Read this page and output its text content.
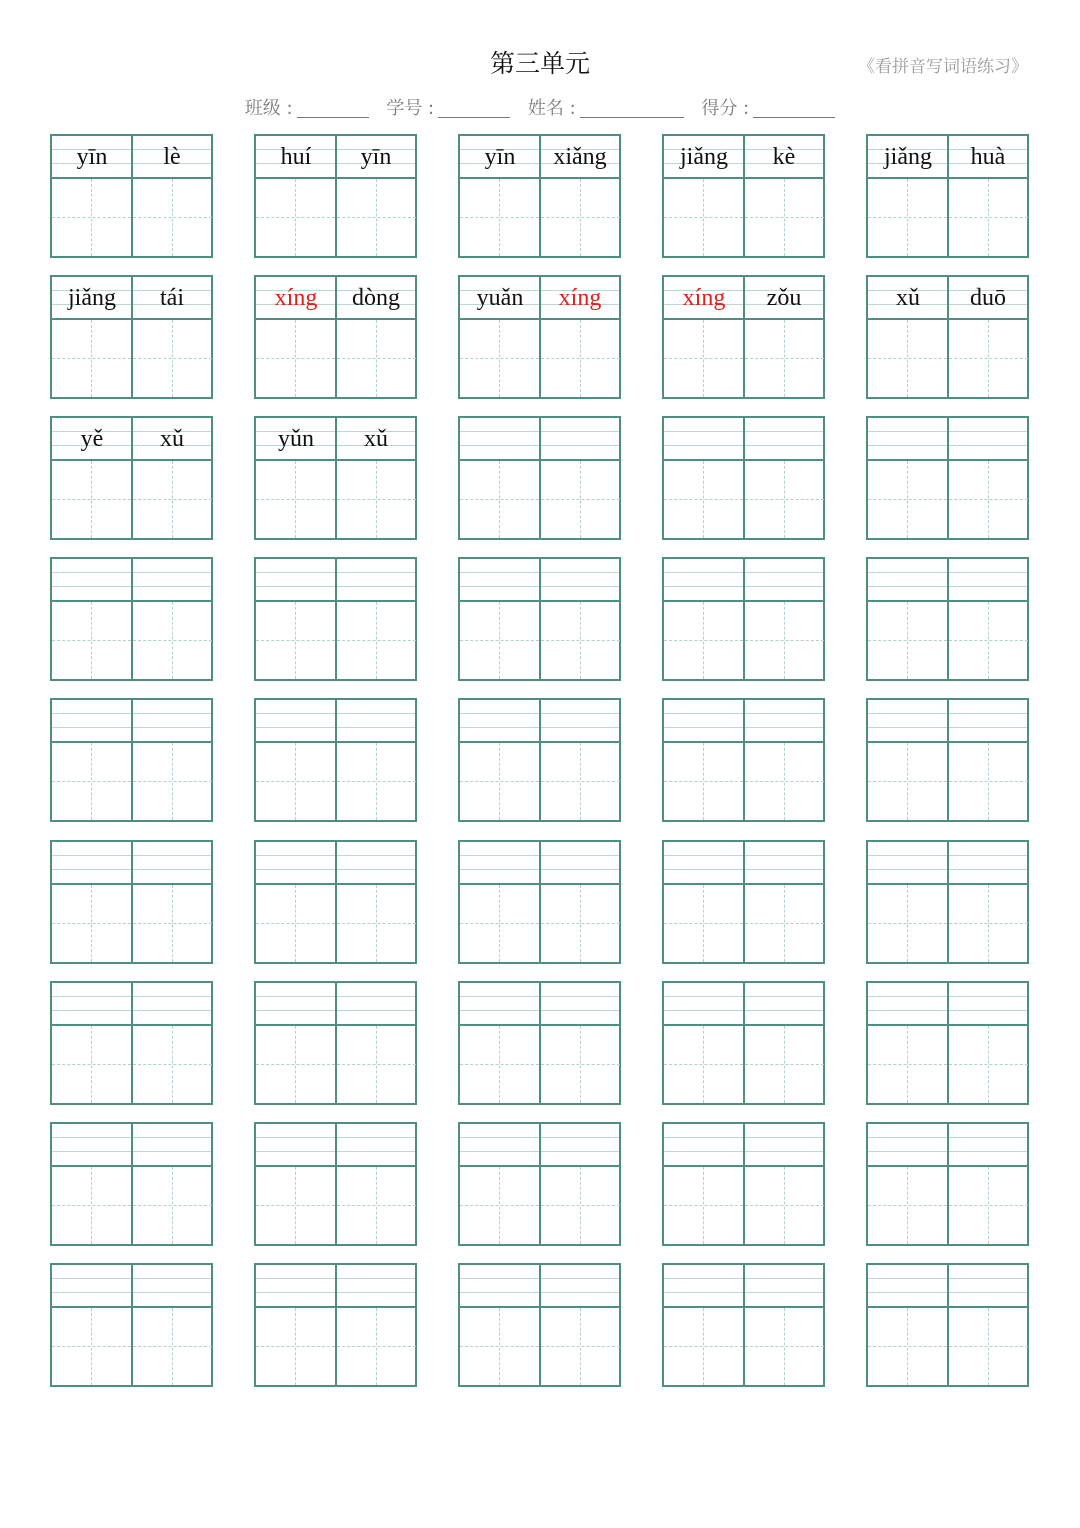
第三单元	《看拼音写词语练习》
班级 :	学号 :	姓名 :	得分 :
yīn	lè	huí	yīn	yīn	xiǎng	jiǎng	kè	jiǎng	huà
jiǎng	tái	xíng	dòng	yuǎn	xíng	xíng	zǒu	xǔ	duō
yě	xǔ	yǔn	xǔ
